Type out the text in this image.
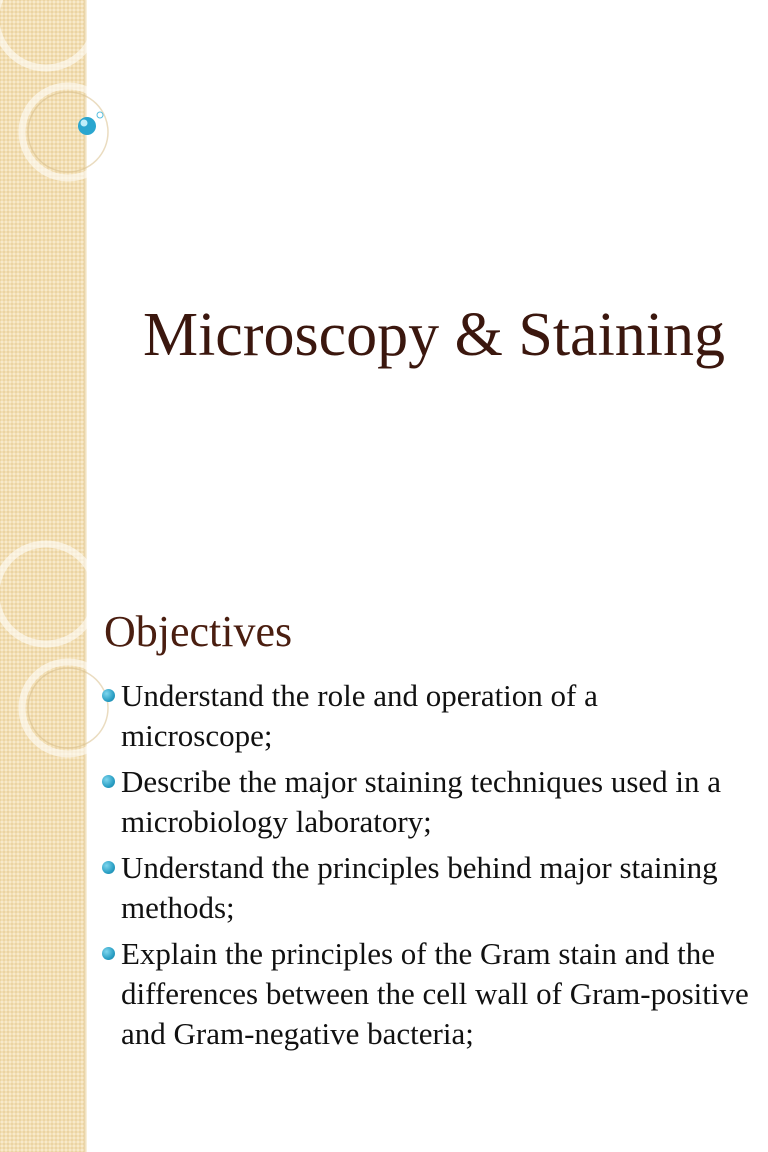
Microscopy & Staining
Objectives
Understand the role and operation of a microscope;
Describe the major staining techniques used in a microbiology laboratory;
Understand the principles behind major staining methods;
Explain the principles of the Gram stain and the differences between the cell wall of Gram-positive and Gram-negative bacteria;
